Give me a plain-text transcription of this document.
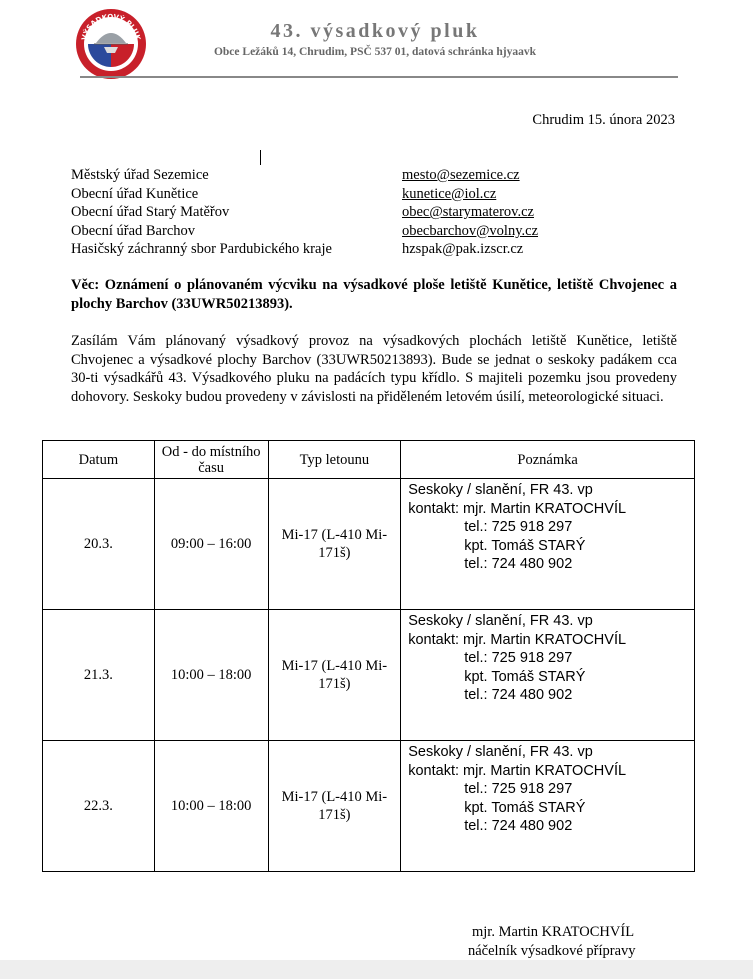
VÝSADKOVÝ PLUK	43. výsadkový pluk
Obce Ležáků 14, Chrudim, PSČ 537 01, datová schránka hjyaavk
Chrudim 15. února 2023
Městský úřad Sezemice	mesto@sezemice.cz
Obecní úřad Kunětice	kunetice@iol.cz
Obecní úřad Starý Matěřov	obec@starymaterov.cz
Obecní úřad Barchov	obecbarchov@volny.cz
Hasičský záchranný sbor Pardubického kraje	hzspak@pak.izscr.cz
Věc: Oznámení o plánovaném výcviku na výsadkové ploše letiště Kunětice, letiště Chvojenec a plochy Barchov (33UWR50213893).
Zasílám Vám plánovaný výsadkový provoz na výsadkových plochách letiště Kunětice, letiště Chvojenec a výsadkové plochy Barchov (33UWR50213893). Bude se jednat o seskoky padákem cca 30-ti výsadkářů 43. Výsadkového pluku na padácích typu křídlo. S majiteli pozemku jsou provedeny dohovory. Seskoky budou provedeny v závislosti na přiděleném letovém úsilí, meteorologické situaci.
Datum	Od - do místního času	Typ letounu	Poznámka
20.3.	09:00 – 16:00	Mi-17 (L-410 Mi-171š)	Seskoky / slanění, FR 43. vp
kontakt: mjr. Martin KRATOCHVÍL
tel.: 725 918 297
kpt. Tomáš STARÝ
tel.: 724 480 902

21.3.	10:00 – 18:00	Mi-17 (L-410 Mi-171š)	Seskoky / slanění, FR 43. vp
kontakt: mjr. Martin KRATOCHVÍL
tel.: 725 918 297
kpt. Tomáš STARÝ
tel.: 724 480 902

22.3.	10:00 – 18:00	Mi-17 (L-410 Mi-171š)	Seskoky / slanění, FR 43. vp
kontakt: mjr. Martin KRATOCHVÍL
tel.: 725 918 297
kpt. Tomáš STARÝ
tel.: 724 480 902
mjr. Martin KRATOCHVÍL
náčelník výsadkové přípravy
